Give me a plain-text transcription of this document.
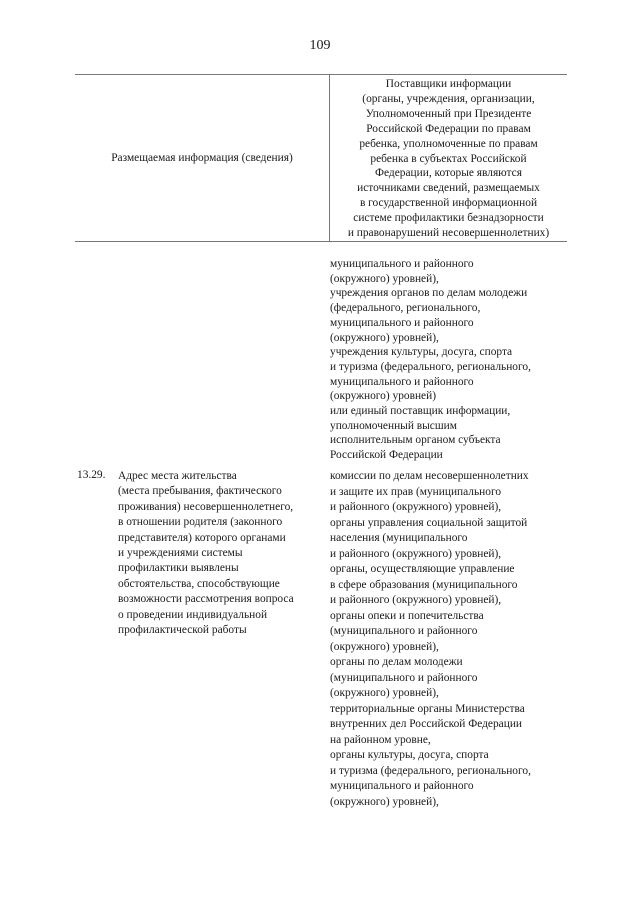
109
Размещаемая информация (сведения)
Поставщики информации
(органы, учреждения, организации,
Уполномоченный при Президенте
Российской Федерации по правам
ребенка, уполномоченные по правам
ребенка в субъектах Российской
Федерации, которые являются
источниками сведений, размещаемых
в государственной информационной
системе профилактики безнадзорности
и правонарушений несовершеннолетних)
муниципального и районного
(окружного) уровней),
учреждения органов по делам молодежи
(федерального, регионального,
муниципального и районного
(окружного) уровней),
учреждения культуры, досуга, спорта
и туризма (федерального, регионального,
муниципального и районного
(окружного) уровней)
или единый поставщик информации,
уполномоченный высшим
исполнительным органом субъекта
Российской Федерации
13.29. Адрес места жительства
(места пребывания, фактического
проживания) несовершеннолетнего,
в отношении родителя (законного
представителя) которого органами
и учреждениями системы
профилактики выявлены
обстоятельства, способствующие
возможности рассмотрения вопроса
о проведении индивидуальной
профилактической работы
комиссии по делам несовершеннолетних
и защите их прав (муниципального
и районного (окружного) уровней),
органы управления социальной защитой
населения (муниципального
и районного (окружного) уровней),
органы, осуществляющие управление
в сфере образования (муниципального
и районного (окружного) уровней),
органы опеки и попечительства
(муниципального и районного
(окружного) уровней),
органы по делам молодежи
(муниципального и районного
(окружного) уровней),
территориальные органы Министерства
внутренних дел Российской Федерации
на районном уровне,
органы культуры, досуга, спорта
и туризма (федерального, регионального,
муниципального и районного
(окружного) уровней),
